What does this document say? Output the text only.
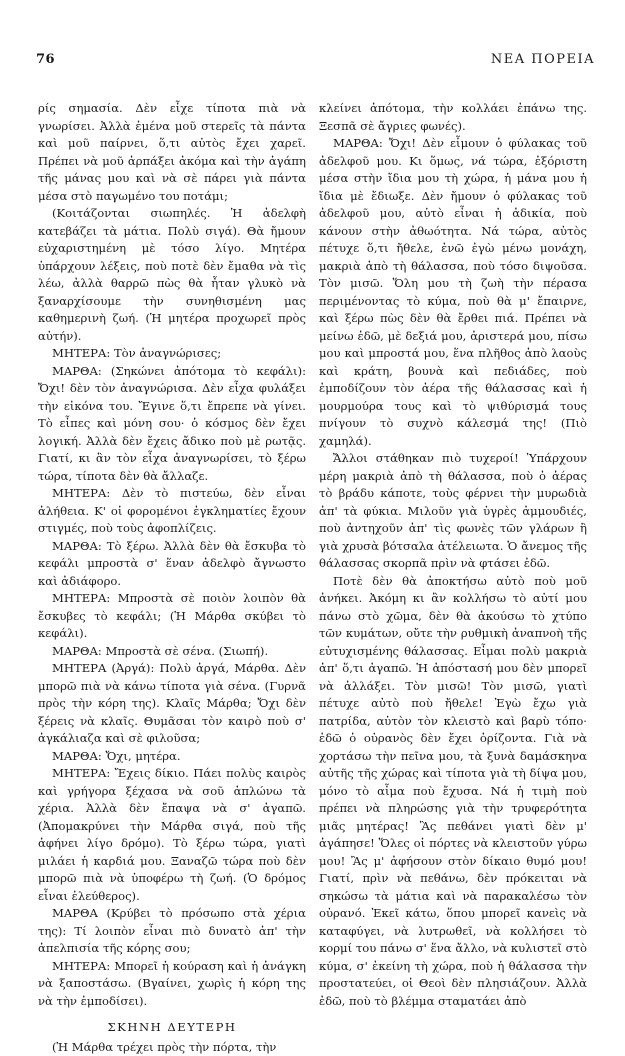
76	ΝΕΑ ΠΟΡΕΙΑ

ρίς σημασία. Δὲν εἶχε τίποτα πιὰ νὰ γνωρίσει. Ἀλλὰ ἐμένα μοῦ στερεῖς τὰ πάντα καὶ μοῦ παίρνει, ὅ,τι αὐτὸς ἔχει χαρεῖ. Πρέπει νὰ μοῦ ἁρπάξει ἀκόμα καὶ τὴν ἀγάπη τῆς μάνας μου καὶ νὰ σὲ πάρει γιὰ πάντα μέσα στὸ παγωμένο του ποτάμι;

(Κοιτάζονται σιωπηλές. Ἡ ἀδελφὴ κατεβάζει τὰ μάτια. Πολὺ σιγά). Θὰ ἤμουν εὐχαριστημένη μὲ τόσο λίγο. Μητέρα ὑπάρχουν λέξεις, ποὺ ποτὲ δὲν ἔμαθα νὰ τὶς λέω, ἀλλὰ θαρρῶ πὼς θὰ ἦταν γλυκὸ νὰ ξαναρχίσουμε τὴν συνηθισμένη μας καθημερινὴ ζωή. (Ἡ μητέρα προχωρεῖ πρὸς αὐτήν).

ΜΗΤΕΡΑ: Τὸν ἀναγνώρισες;

ΜΑΡΘΑ: (Σηκώνει ἀπότομα τὸ κεφάλι): Ὄχι! δὲν τὸν ἀναγνώρισα. Δὲν εἶχα φυλάξει τὴν εἰκόνα του. Ἔγινε ὅ,τι ἔπρεπε νὰ γίνει. Τὸ εἶπες καὶ μόνη σου· ὁ κόσμος δὲν ἔχει λογική. Ἀλλὰ δὲν ἔχεις ἄδικο ποὺ μὲ ρωτᾷς. Γιατί, κι ἂν τὸν εἶχα ἀναγνωρίσει, τὸ ξέρω τώρα, τίποτα δὲν θὰ ἄλλαζε.

ΜΗΤΕΡΑ: Δὲν τὸ πιστεύω, δὲν εἶναι ἀλήθεια. Κ' οἱ φορομένοι ἐγκληματίες ἔχουν στιγμές, ποὺ τοὺς ἀφοπλίζεις.

ΜΑΡΘΑ: Τὸ ξέρω. Ἀλλὰ δὲν θὰ ἔσκυβα τὸ κεφάλι μπροστὰ σ' ἕναν ἀδελφὸ ἄγνωστο καὶ ἀδιάφορο.

ΜΗΤΕΡΑ: Μπροστὰ σὲ ποιὸν λοιπὸν θὰ ἔσκυβες τὸ κεφάλι; (Ἡ Μάρθα σκύβει τὸ κεφάλι).

ΜΑΡΘΑ: Μπροστὰ σὲ σένα. (Σιωπή).

ΜΗΤΕΡΑ (Ἀργά): Πολὺ ἀργά, Μάρθα. Δὲν μπορῶ πιὰ νὰ κάνω τίποτα γιὰ σένα. (Γυρνᾶ πρὸς τὴν κόρη της). Κλαῖς Μάρθα; Ὄχι δὲν ξέρεις νὰ κλαῖς. Θυμᾶσαι τὸν καιρὸ ποὺ σ' ἀγκάλιαζα καὶ σὲ φιλοῦσα;

ΜΑΡΘΑ: Ὄχι, μητέρα.

ΜΗΤΕΡΑ: Ἔχεις δίκιο. Πάει πολὺς καιρὸς καὶ γρήγορα ξέχασα νὰ σοῦ ἁπλώνω τὰ χέρια. Ἀλλὰ δὲν ἔπαψα νὰ σ' ἀγαπῶ. (Ἀπομακρύνει τὴν Μάρθα σιγά, ποὺ τῆς ἀφήνει λίγο δρόμο). Τὸ ξέρω τώρα, γιατὶ μιλάει ἡ καρδιά μου. Ξαναζῶ τώρα ποὺ δὲν μπορῶ πιὰ νὰ ὑποφέρω τὴ ζωή. (Ὁ δρόμος εἶναι ἐλεύθερος).

ΜΑΡΘΑ (Κρύβει τὸ πρόσωπο στὰ χέρια της): Τί λοιπὸν εἶναι πιὸ δυνατὸ ἀπ' τὴν ἀπελπισία τῆς κόρης σου;

ΜΗΤΕΡΑ: Μπορεῖ ἡ κούραση καὶ ἡ ἀνάγκη νὰ ξαποστάσω. (Βγαίνει, χωρὶς ἡ κόρη της νὰ τὴν ἐμποδίσει).

ΣΚΗΝΗ ΔΕΥΤΕΡΗ

(Ἡ Μάρθα τρέχει πρὸς τὴν πόρτα, τὴν

κλείνει ἀπότομα, τὴν κολλάει ἐπάνω της. Ξεσπᾶ σὲ ἄγριες φωνές).

ΜΑΡΘΑ: Ὄχι! Δὲν εἶμουν ὁ φύλακας τοῦ ἀδελφοῦ μου. Κι ὅμως, νά τώρα, ἐξόριστη μέσα στὴν ἴδια μου τὴ χώρα, ἡ μάνα μου ἡ ἴδια μὲ ἔδιωξε. Δὲν ἤμουν ὁ φύλακας τοῦ ἀδελφοῦ μου, αὐτὸ εἶναι ἡ ἀδικία, ποὺ κάνουν στὴν ἀθωότητα. Νά τώρα, αὐτὸς πέτυχε ὅ,τι ἤθελε, ἐνῶ ἐγὼ μένω μονάχη, μακριὰ ἀπὸ τὴ θάλασσα, ποὺ τόσο διψοῦσα. Τὸν μισῶ. Ὅλη μου τὴ ζωὴ τὴν πέρασα περιμένοντας τὸ κύμα, ποὺ θὰ μ' ἔπαιρνε, καὶ ξέρω πὼς δὲν θὰ ἔρθει πιά. Πρέπει νὰ μείνω ἐδῶ, μὲ δεξιά μου, ἀριστερά μου, πίσω μου καὶ μπροστά μου, ἕνα πλῆθος ἀπὸ λαοὺς καὶ κράτη, βουνὰ καὶ πεδιάδες, ποὺ ἐμποδίζουν τὸν ἀέρα τῆς θάλασσας καὶ ἡ μουρμούρα τους καὶ τὸ ψιθύρισμά τους πνίγουν τὸ συχνὸ κάλεσμά της! (Πιὸ χαμηλά).

Ἄλλοι στάθηκαν πιὸ τυχεροί! Ὑπάρχουν μέρη μακριὰ ἀπὸ τὴ θάλασσα, ποὺ ὁ ἀέρας τὸ βράδυ κάποτε, τοὺς φέρνει τὴν μυρωδιὰ ἀπ' τὰ φύκια. Μιλοῦν γιὰ ὑγρὲς ἀμμουδιές, ποὺ ἀντηχοῦν ἀπ' τὶς φωνὲς τῶν γλάρων ἢ γιὰ χρυσὰ βότσαλα ἀτέλειωτα. Ὁ ἄνεμος τῆς θάλασσας σκορπᾶ πρὶν νὰ φτάσει ἐδῶ.

Ποτὲ δὲν θὰ ἀποκτήσω αὐτὸ ποὺ μοῦ ἀνήκει. Ἀκόμη κι ἂν κολλήσω τὸ αὐτί μου πάνω στὸ χῶμα, δὲν θὰ ἀκούσω τὸ χτύπο τῶν κυμάτων, οὔτε τὴν ρυθμικὴ ἀναπνοὴ τῆς εὐτυχισμένης θάλασσας. Εἶμαι πολὺ μακριὰ ἀπ' ὅ,τι ἀγαπῶ. Ἡ ἀπόστασή μου δὲν μπορεῖ νὰ ἀλλάξει. Τὸν μισῶ! Τὸν μισῶ, γιατὶ πέτυχε αὐτὸ ποὺ ἤθελε! Ἐγὼ ἔχω γιὰ πατρίδα, αὐτὸν τὸν κλειστὸ καὶ βαρὺ τόπο· ἐδῶ ὁ οὐρανὸς δὲν ἔχει ὁρίζοντα. Γιὰ νὰ χορτάσω τὴν πεῖνα μου, τὰ ξυνὰ δαμάσκηνα αὐτῆς τῆς χώρας καὶ τίποτα γιὰ τὴ δίψα μου, μόνο τὸ αἷμα ποὺ ἔχυσα. Νά ἡ τιμὴ ποὺ πρέπει νὰ πληρώσης γιὰ τὴν τρυφερότητα μιᾶς μητέρας! Ἂς πεθάνει γιατὶ δὲν μ' ἀγάπησε! Ὅλες οἱ πόρτες νὰ κλειστοῦν γύρω μου! Ἂς μ' ἀφήσουν στὸν δίκαιο θυμό μου! Γιατί, πρὶν νὰ πεθάνω, δὲν πρόκειται νὰ σηκώσω τὰ μάτια καὶ νὰ παρακαλέσω τὸν οὐρανό. Ἐκεῖ κάτω, ὅπου μπορεῖ κανεὶς νὰ καταφύγει, νὰ λυτρωθεῖ, νὰ κολλήσει τὸ κορμί του πάνω σ' ἕνα ἄλλο, νὰ κυλιστεῖ στὸ κύμα, σ' ἐκείνη τὴ χώρα, ποὺ ἡ θάλασσα τὴν προστατεύει, οἱ Θεοὶ δὲν πλησιάζουν. Ἀλλὰ ἐδῶ, ποὺ τὸ βλέμμα σταματάει ἀπὸ
